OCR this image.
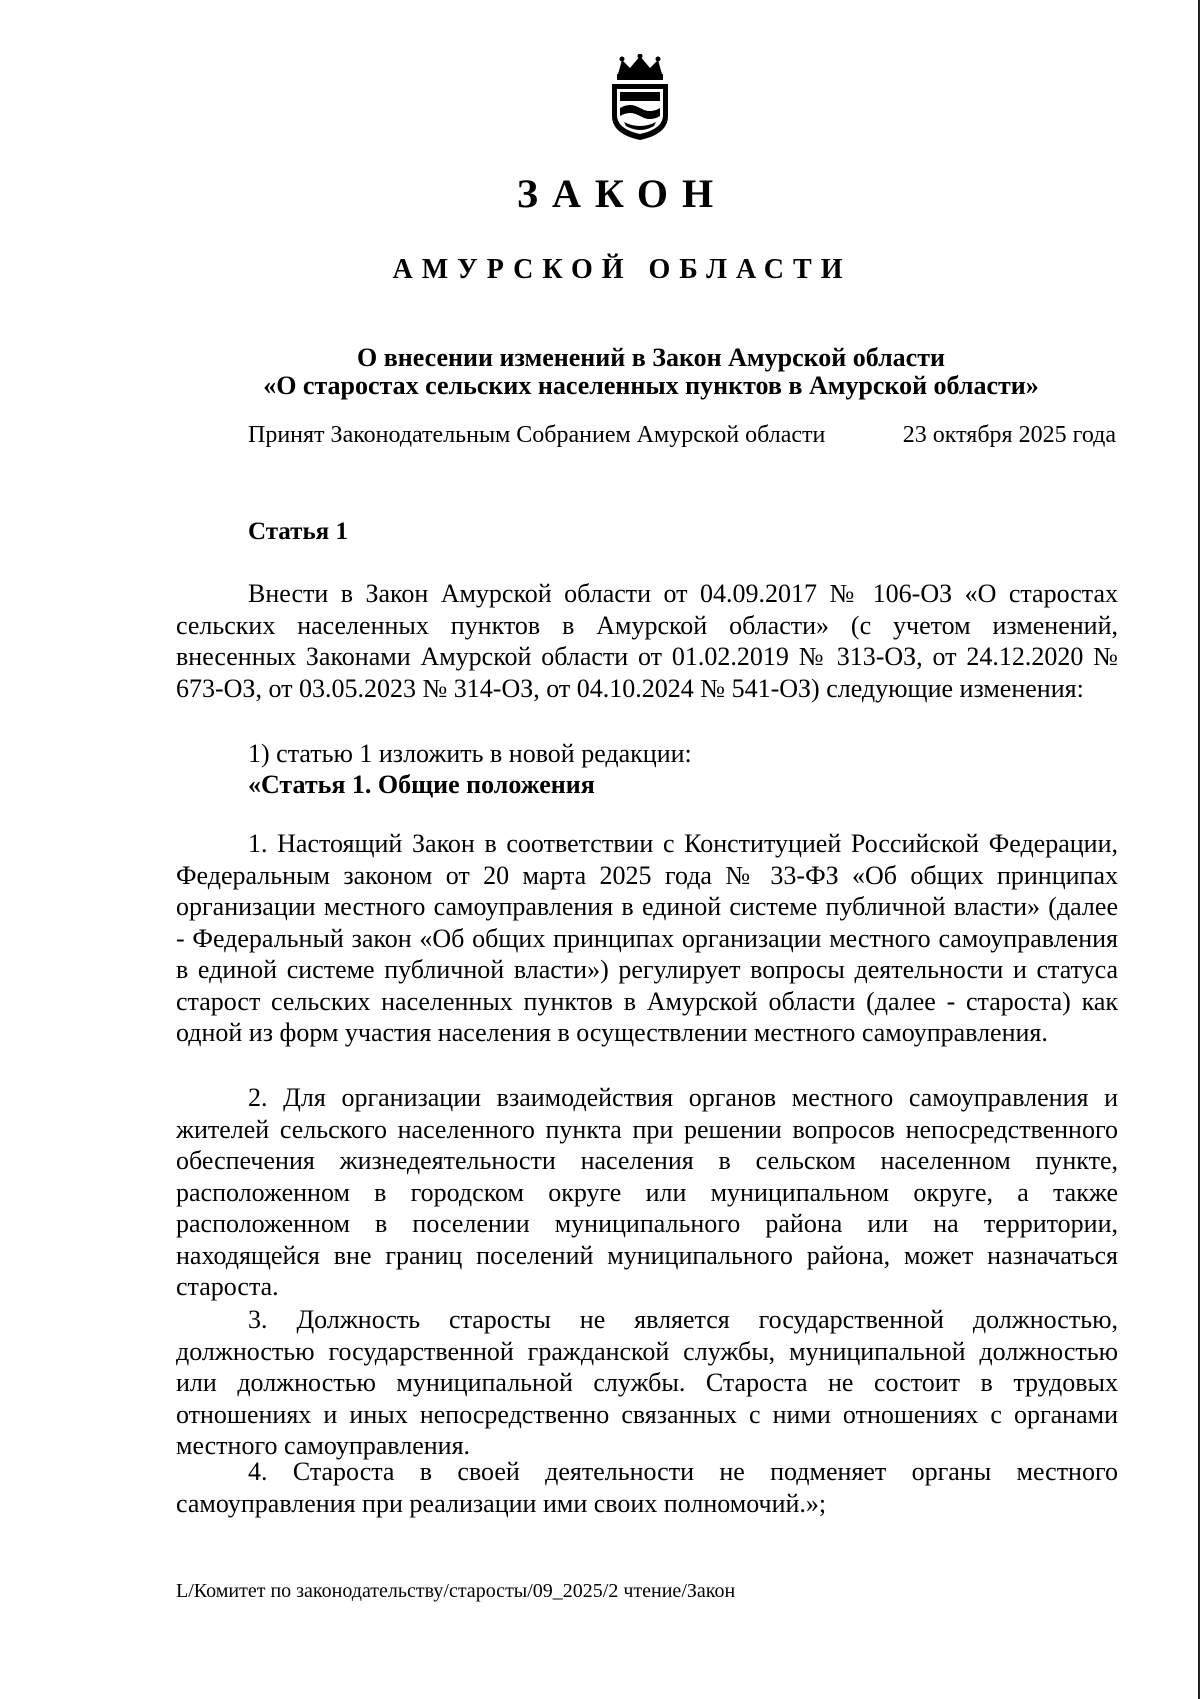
ЗАКОН
АМУРСКОЙ ОБЛАСТИ
О внесении изменений в Закон Амурской области
«О старостах сельских населенных пунктов в Амурской области»
Принят Законодательным Собранием Амурской области	23 октября 2025 года
Статья 1

Внести в Закон Амурской области от 04.09.2017 № 106-ОЗ «О старостах сельских населенных пунктов в Амурской области» (с учетом изменений, внесенных Законами Амурской области от 01.02.2019 № 313-ОЗ, от 24.12.2020 № 673-ОЗ, от 03.05.2023 № 314-ОЗ, от 04.10.2024 № 541-ОЗ) следующие изменения:

1) статью 1 изложить в новой редакции:
«Статья 1. Общие положения

1. Настоящий Закон в соответствии с Конституцией Российской Федерации, Федеральным законом от 20 марта 2025 года № 33-ФЗ «Об общих принципах организации местного самоуправления в единой системе публичной власти» (далее - Федеральный закон «Об общих принципах организации местного самоуправления в единой системе публичной власти») регулирует вопросы деятельности и статуса старост сельских населенных пунктов в Амурской области (далее - староста) как одной из форм участия населения в осуществлении местного самоуправления.

2. Для организации взаимодействия органов местного самоуправления и жителей сельского населенного пункта при решении вопросов непосредственного обеспечения жизнедеятельности населения в сельском населенном пункте, расположенном в городском округе или муниципальном округе, а также расположенном в поселении муниципального района или на территории, находящейся вне границ поселений муниципального района, может назначаться староста.

3. Должность старосты не является государственной должностью, должностью государственной гражданской службы, муниципальной должностью или должностью муниципальной службы. Староста не состоит в трудовых отношениях и иных непосредственно связанных с ними отношениях с органами местного самоуправления.

4. Староста в своей деятельности не подменяет органы местного самоуправления при реализации ими своих полномочий.»;

L/Комитет по законодательству/старосты/09_2025/2 чтение/Закон
